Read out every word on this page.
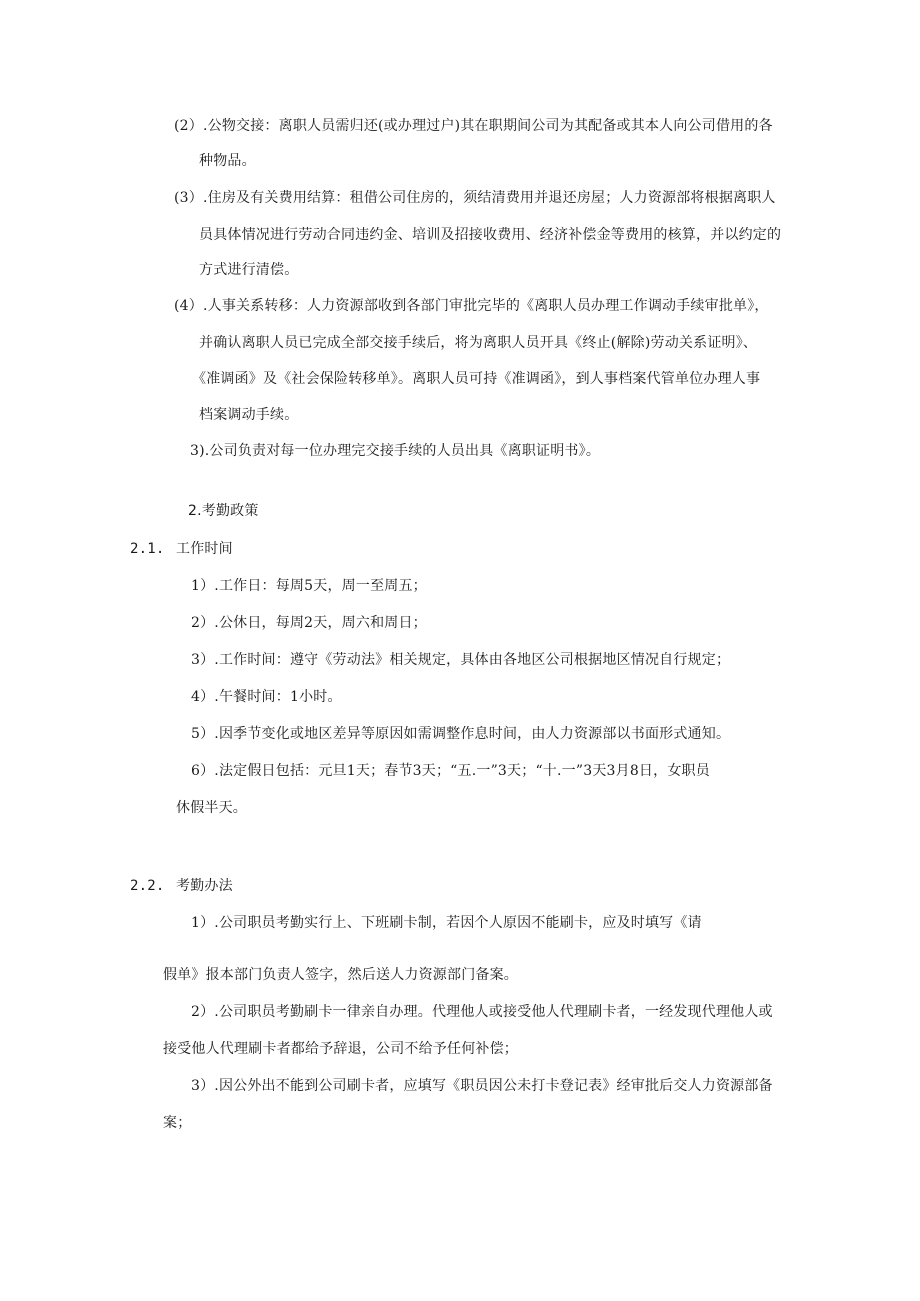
(2）.公物交接：离职人员需归还(或办理过户)其在职期间公司为其配备或其本人向公司借用的各
种物品。
(3）.住房及有关费用结算：租借公司住房的，须结清费用并退还房屋；人力资源部将根据离职人
员具体情况进行劳动合同违约金、培训及招接收费用、经济补偿金等费用的核算，并以约定的
方式进行清偿。
(4）.人事关系转移：人力资源部收到各部门审批完毕的《离职人员办理工作调动手续审批单》，
并确认离职人员已完成全部交接手续后，将为离职人员开具《终止(解除)劳动关系证明》、
《准调函》及《社会保险转移单》。离职人员可持《准调函》，到人事档案代管单位办理人事
档案调动手续。
3).公司负责对每一位办理完交接手续的人员出具《离职证明书》。
2.考勤政策
2.1. 工作时间
1）.工作日：每周5天，周一至周五；
2）.公休日，每周2天，周六和周日；
3）.工作时间：遵守《劳动法》相关规定，具体由各地区公司根据地区情况自行规定；
4）.午餐时间：1小时。
5）.因季节变化或地区差异等原因如需调整作息时间，由人力资源部以书面形式通知。
6）.法定假日包括：元旦1天；春节3天；“五.一”3天；“十.一”3天3月8日，女职员
休假半天。
2.2. 考勤办法
1）.公司职员考勤实行上、下班刷卡制，若因个人原因不能刷卡，应及时填写《请
假单》报本部门负责人签字，然后送人力资源部门备案。
2）.公司职员考勤刷卡一律亲自办理。代理他人或接受他人代理刷卡者，一经发现代理他人或
接受他人代理刷卡者都给予辞退，公司不给予任何补偿；
3）.因公外出不能到公司刷卡者，应填写《职员因公未打卡登记表》经审批后交人力资源部备
案；
